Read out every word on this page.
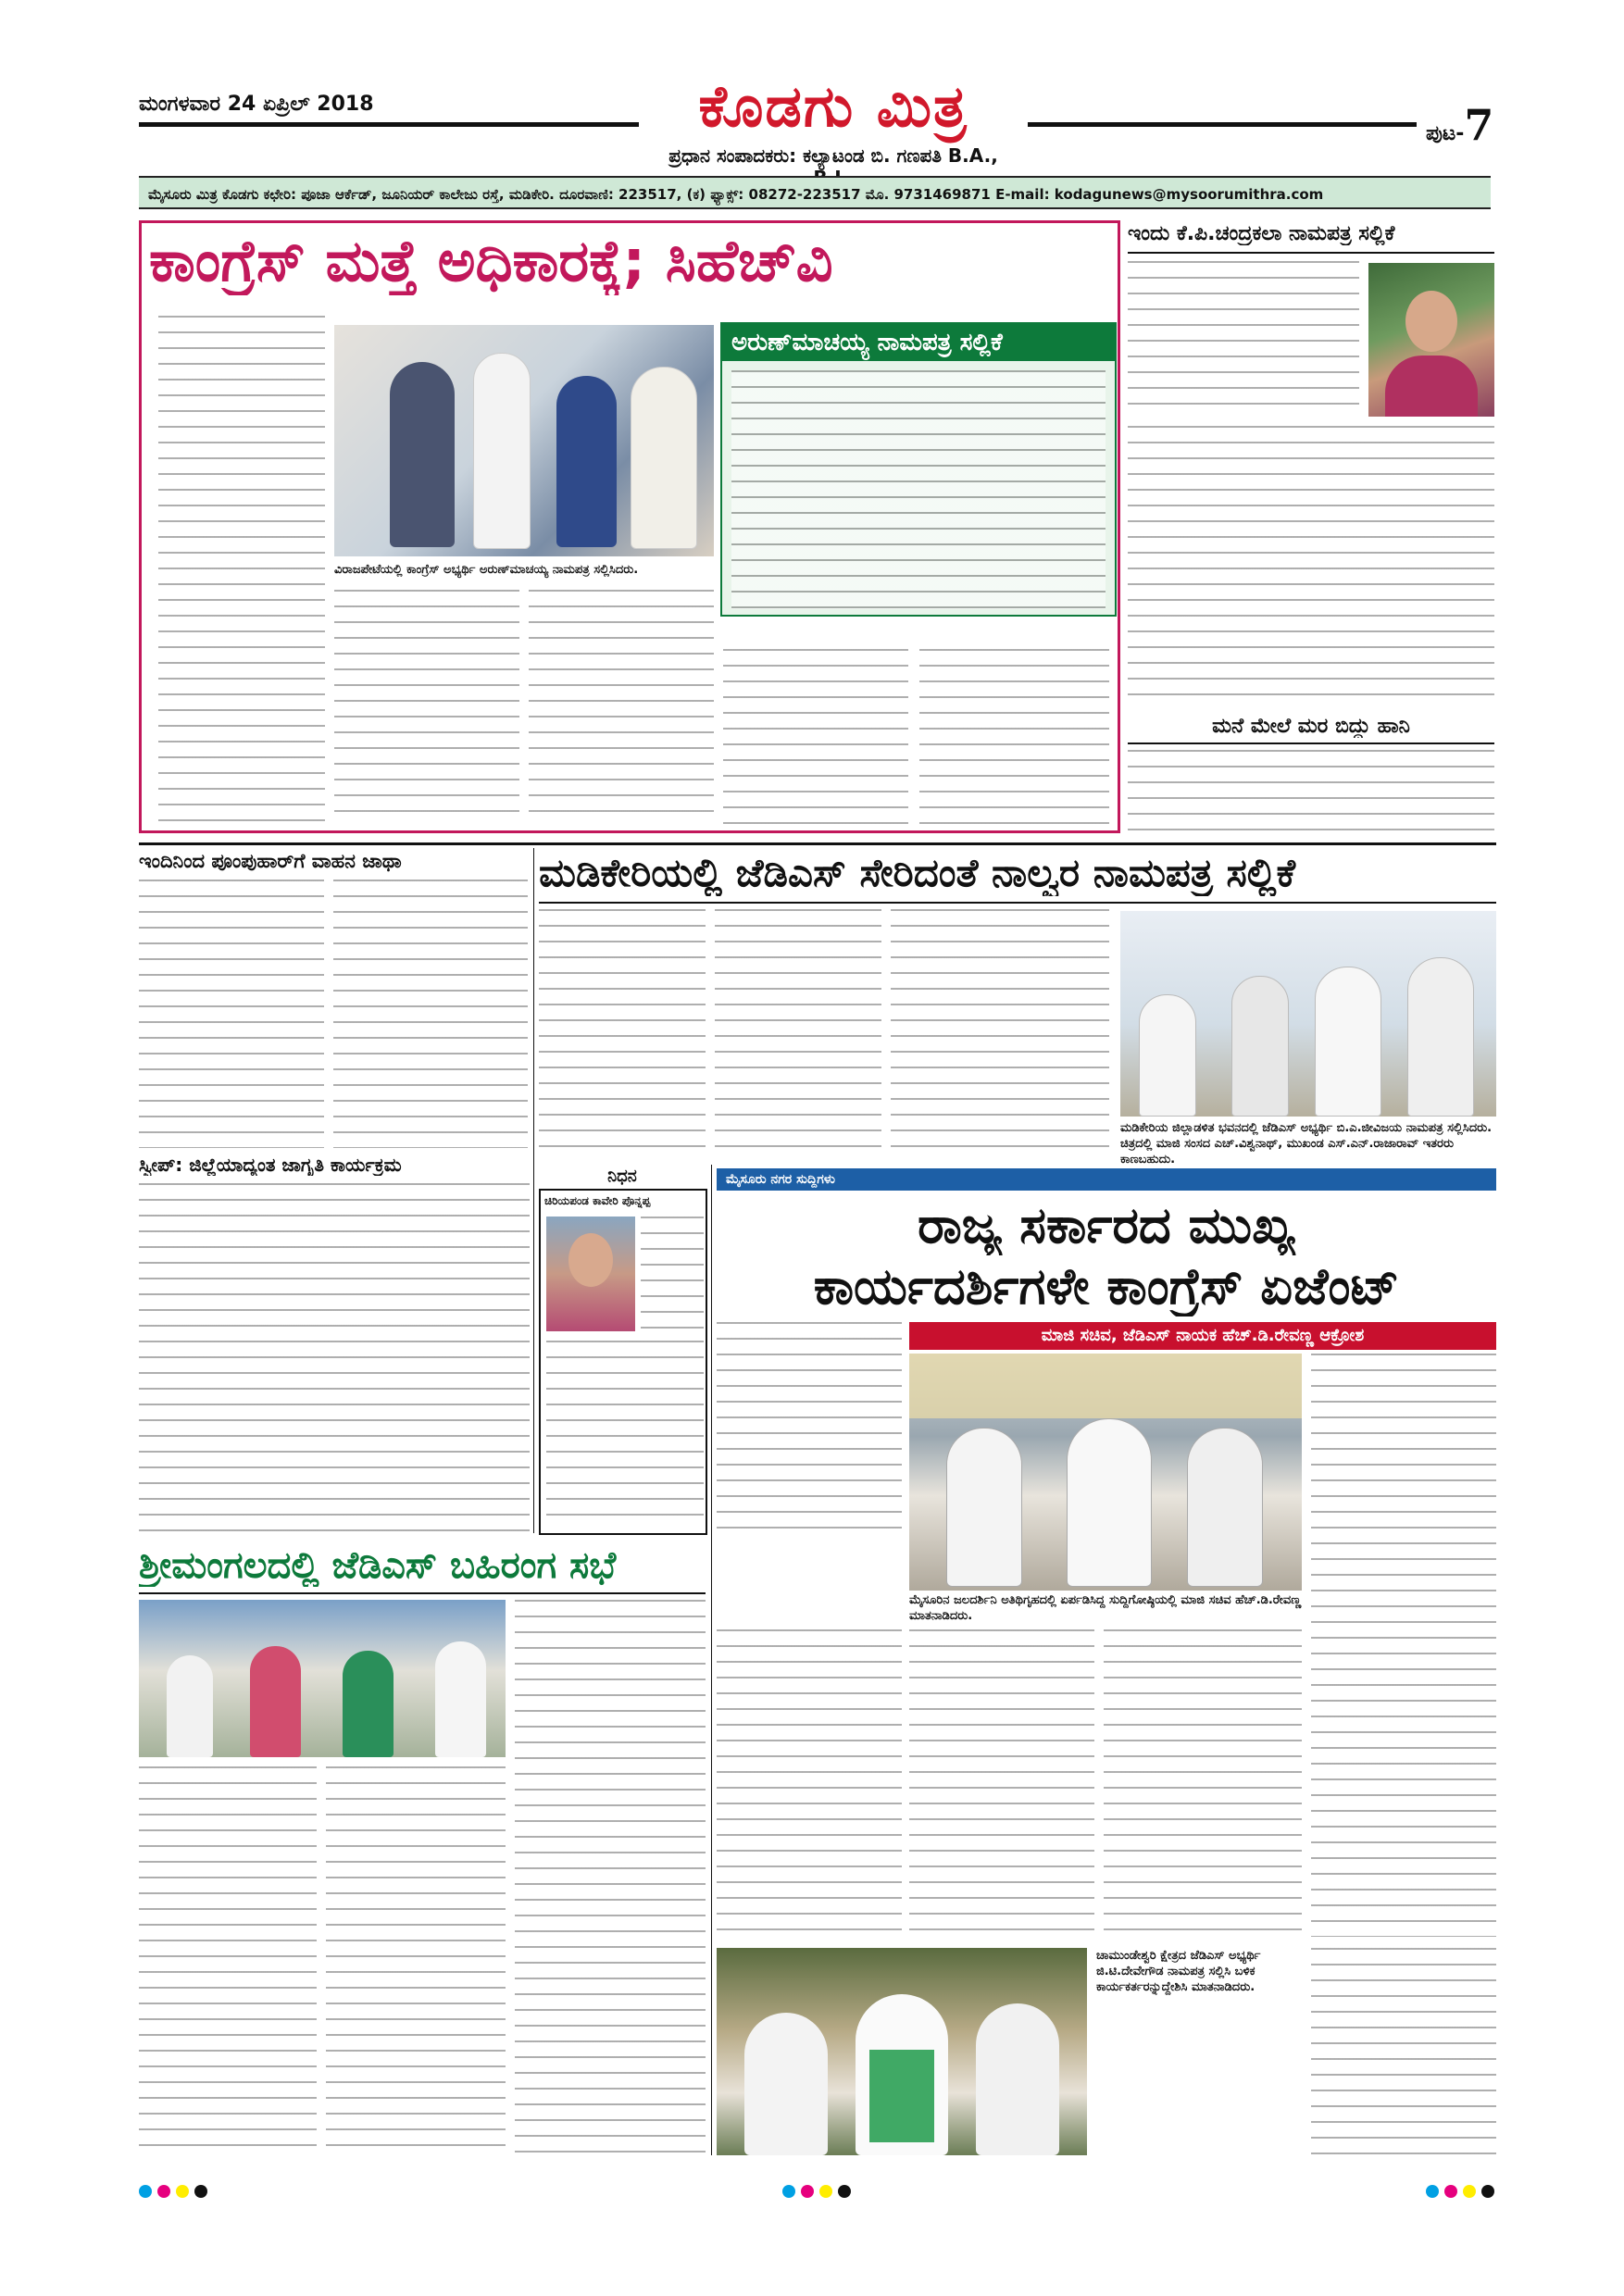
ಮಂಗಳವಾರ 24 ಏಪ್ರಿಲ್ 2018	ಕೊಡಗು ಮಿತ್ರ
ಪ್ರಧಾನ ಸಂಪಾದಕರು: ಕಲ್ಯಾಟಂಡ ಬಿ. ಗಣಪತಿ B.A.,
ಪುಟ-7
ಮೈಸೂರು ಮಿತ್ರ ಕೊಡಗು ಕಛೇರಿ: ಪೂಜಾ ಆರ್ಕೆಡ್, ಜೂನಿಯರ್ ಕಾಲೇಜು ರಸ್ತೆ, ಮಡಿಕೇರಿ. ದೂರವಾಣಿ: 223517, (ಕ) ಫ್ಯಾಕ್ಸ್: 08272-223517 ಮೊ. 9731469871 E-mail: kodagunews@mysoorumithra.com
ಕಾಂಗ್ರೆಸ್ ಮತ್ತೆ ಅಧಿಕಾರಕ್ಕೆ; ಸಿಹೆಚ್‌ವಿ
ವಿರಾಜಪೇಟೆಯಲ್ಲಿ ಕಾಂಗ್ರೆಸ್ ಅಭ್ಯರ್ಥಿ ಅರುಣ್‌ಮಾಚಯ್ಯ ನಾಮಪತ್ರ ಸಲ್ಲಿಸಿದರು.
ಅರುಣ್‌ಮಾಚಯ್ಯ ನಾಮಪತ್ರ ಸಲ್ಲಿಕೆ
ಇಂದು ಕೆ.ಪಿ.ಚಂದ್ರಕಲಾ ನಾಮಪತ್ರ ಸಲ್ಲಿಕೆ
ಮನೆ ಮೇಲೆ ಮರ ಬಿದ್ದು ಹಾನಿ
ಇಂದಿನಿಂದ ಪೂಂಪುಹಾರ್‌ಗೆ ವಾಹನ ಜಾಥಾ	ಮಡಿಕೇರಿಯಲ್ಲಿ ಜೆಡಿಎಸ್ ಸೇರಿದಂತೆ ನಾಲ್ವರ ನಾಮಪತ್ರ ಸಲ್ಲಿಕೆ
ಮಡಿಕೇರಿಯ ಜಿಲ್ಲಾಡಳಿತ ಭವನದಲ್ಲಿ ಜೆಡಿಎಸ್ ಅಭ್ಯರ್ಥಿ ಬಿ.ಎ.ಜೀವಿಜಯ ನಾಮಪತ್ರ ಸಲ್ಲಿಸಿದರು. ಚಿತ್ರದಲ್ಲಿ ಮಾಜಿ ಸಂಸದ ಎಚ್.ವಿಶ್ವನಾಥ್, ಮುಖಂಡ ಎಸ್.ಎನ್.ರಾಜಾರಾವ್ ಇತರರು ಕಾಣಬಹುದು.
ಸ್ವೀಪ್: ಜಿಲ್ಲೆಯಾದ್ಯಂತ ಜಾಗೃತಿ ಕಾರ್ಯಕ್ರಮ
ನಿಧನ
ಚಿರಿಯಪಂಡ ಕಾವೇರಿ ಪೊನ್ನಪ್ಪ
ಮೈಸೂರು ನಗರ ಸುದ್ದಿಗಳು
ರಾಜ್ಯ ಸರ್ಕಾರದ ಮುಖ್ಯ
ಕಾರ್ಯದರ್ಶಿಗಳೇ ಕಾಂಗ್ರೆಸ್ ಏಜೆಂಟ್
ಮಾಜಿ ಸಚಿವ, ಜೆಡಿಎಸ್ ನಾಯಕ ಹೆಚ್.ಡಿ.ರೇವಣ್ಣ ಆಕ್ರೋಶ
ಮೈಸೂರಿನ ಜಲದರ್ಶಿನಿ ಅತಿಥಿಗೃಹದಲ್ಲಿ ಏರ್ಪಡಿಸಿದ್ದ ಸುದ್ದಿಗೋಷ್ಠಿಯಲ್ಲಿ ಮಾಜಿ ಸಚಿವ ಹೆಚ್.ಡಿ.ರೇವಣ್ಣ ಮಾತನಾಡಿದರು.
ಶ್ರೀಮಂಗಲದಲ್ಲಿ ಜೆಡಿಎಸ್ ಬಹಿರಂಗ ಸಭೆ
ಚಾಮುಂಡೇಶ್ವರಿ ಕ್ಷೇತ್ರದ ಜೆಡಿಎಸ್ ಅಭ್ಯರ್ಥಿ ಜಿ.ಟಿ.ದೇವೇಗೌಡ ನಾಮಪತ್ರ ಸಲ್ಲಿಸಿ ಬಳಿಕ ಕಾರ್ಯಕರ್ತರನ್ನುದ್ದೇಶಿಸಿ ಮಾತನಾಡಿದರು.
